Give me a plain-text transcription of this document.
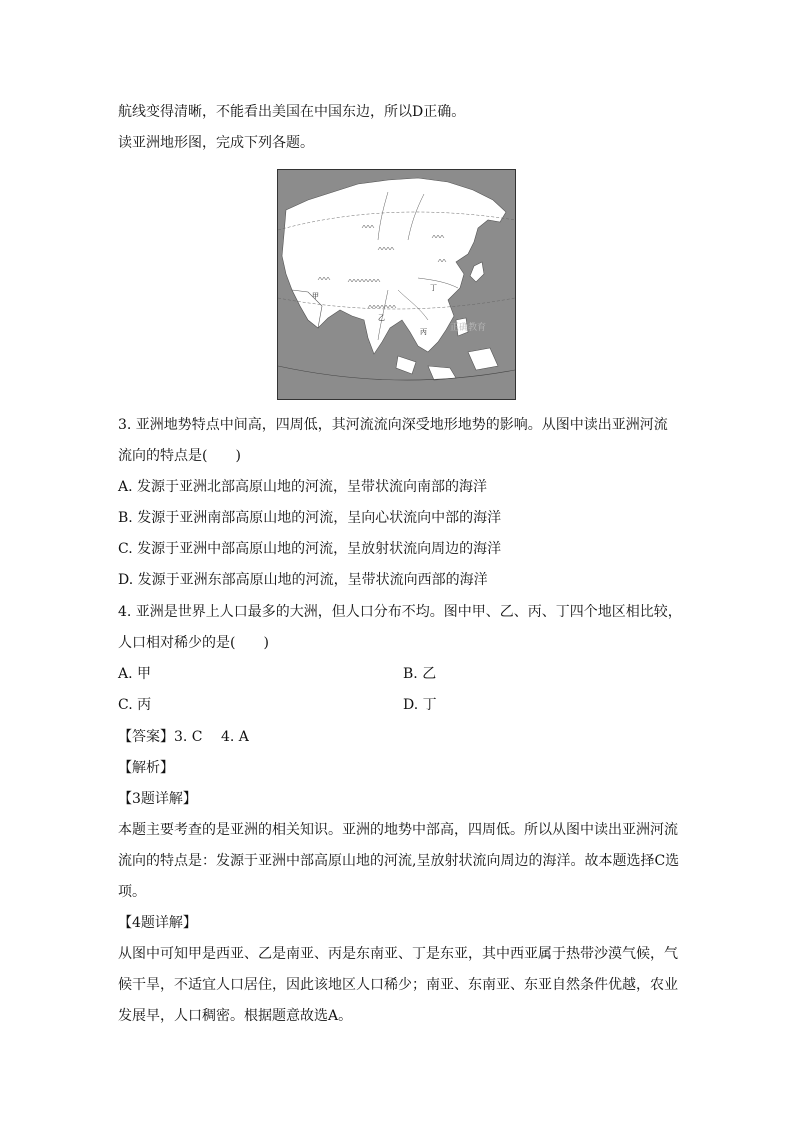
航线变得清晰，不能看出美国在中国东边，所以D正确。
读亚洲地形图，完成下列各题。
甲
乙
丙
丁
正确教育
3. 亚洲地势特点中间高，四周低，其河流流向深受地形地势的影响。从图中读出亚洲河流
流向的特点是(　　)
A. 发源于亚洲北部高原山地的河流，呈带状流向南部的海洋
B. 发源于亚洲南部高原山地的河流，呈向心状流向中部的海洋
C. 发源于亚洲中部高原山地的河流，呈放射状流向周边的海洋
D. 发源于亚洲东部高原山地的河流，呈带状流向西部的海洋
4. 亚洲是世界上人口最多的大洲，但人口分布不均。图中甲、乙、丙、丁四个地区相比较，
人口相对稀少的是(　　)
A. 甲	B. 乙
C. 丙	D. 丁
【答案】3. C　 4. A
【解析】
【3题详解】
本题主要考查的是亚洲的相关知识。亚洲的地势中部高，四周低。所以从图中读出亚洲河流流向的特点是：发源于亚洲中部高原山地的河流,呈放射状流向周边的海洋。故本题选择C选项。
【4题详解】
从图中可知甲是西亚、乙是南亚、丙是东南亚、丁是东亚，其中西亚属于热带沙漠气候，气候干旱，不适宜人口居住，因此该地区人口稀少；南亚、东南亚、东亚自然条件优越，农业发展早，人口稠密。根据题意故选A。
